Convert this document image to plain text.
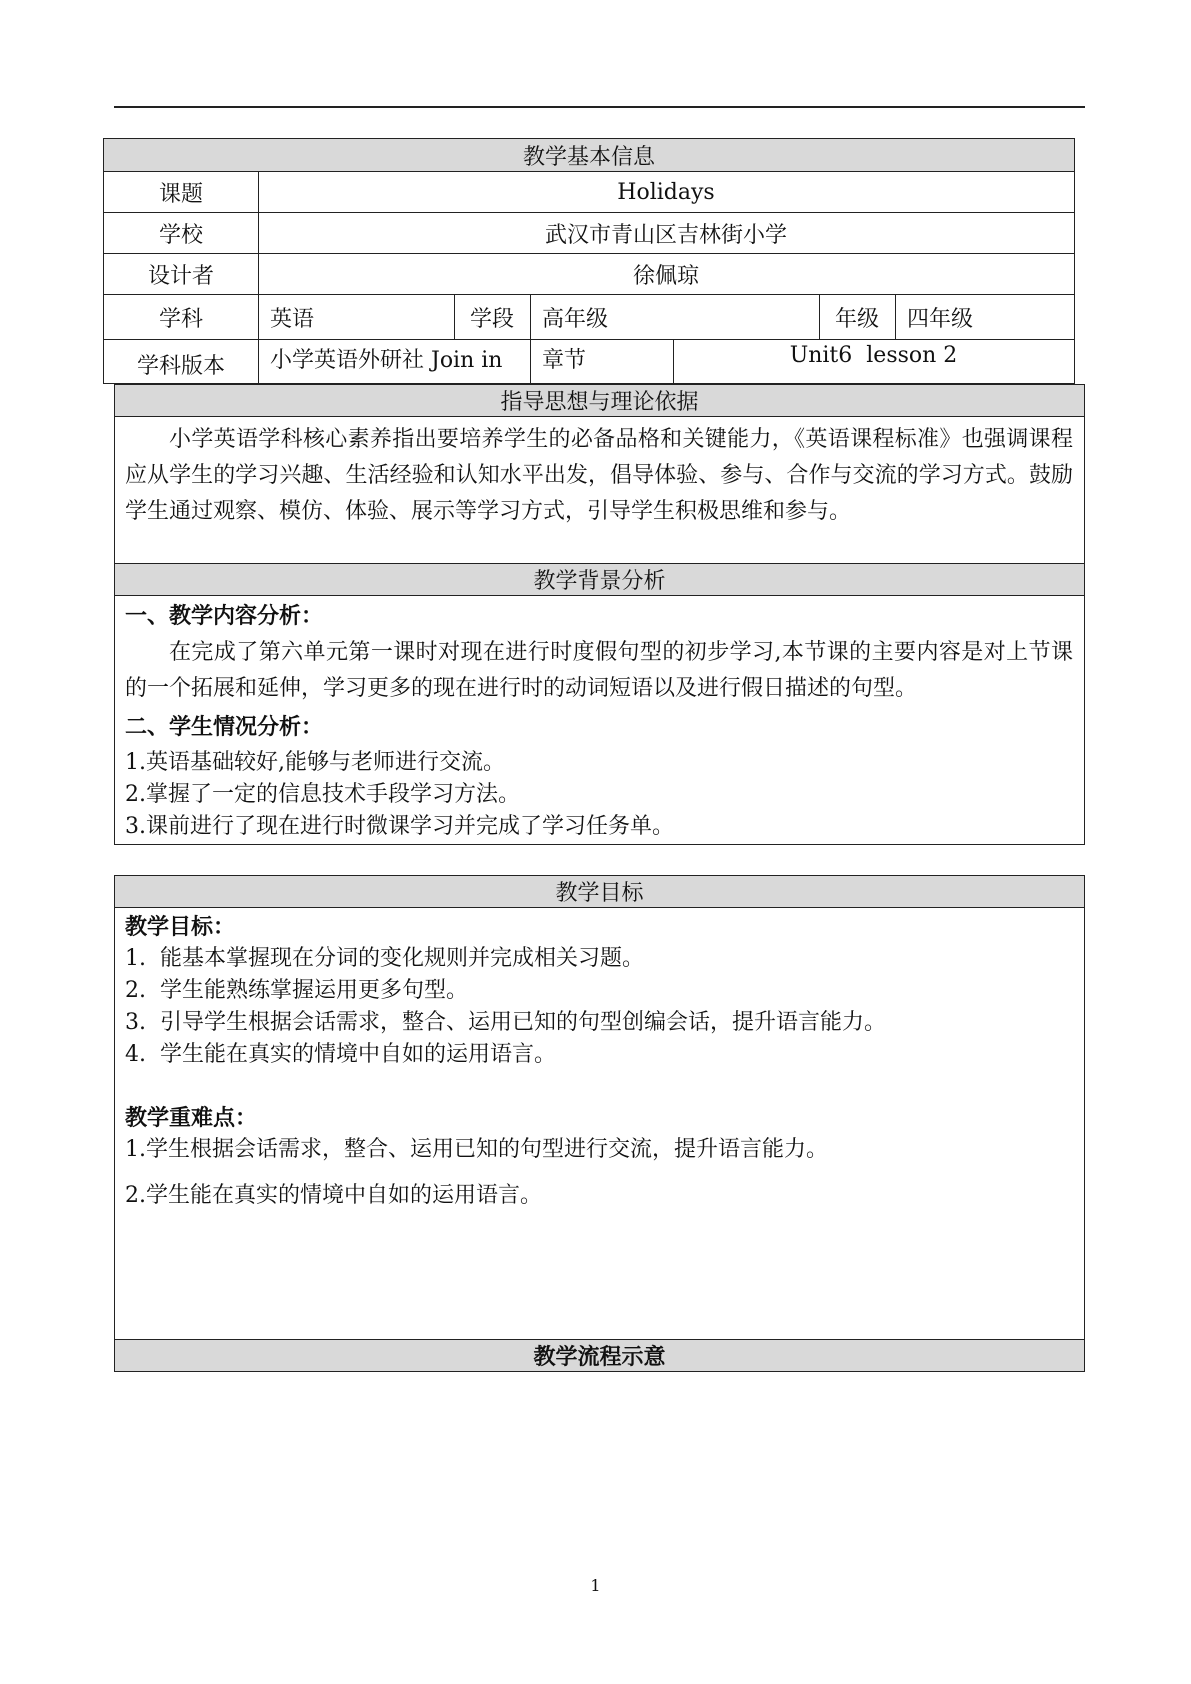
教学基本信息
课题	Holidays
学校	武汉市青山区吉林街小学
设计者	徐佩琼
学科	英语	学段	高年级	年级	四年级
学科版本	小学英语外研社 Join in	章节	Unit6  lesson 2
指导思想与理论依据
小学英语学科核心素养指出要培养学生的必备品格和关键能力，《英语课程标准》也强调课程应从学生的学习兴趣、生活经验和认知水平出发，倡导体验、参与、合作与交流的学习方式。鼓励学生通过观察、模仿、体验、展示等学习方式，引导学生积极思维和参与。
教学背景分析
一、教学内容分析：
在完成了第六单元第一课时对现在进行时度假句型的初步学习,本节课的主要内容是对上节课的一个拓展和延伸，学习更多的现在进行时的动词短语以及进行假日描述的句型。
二、学生情况分析：
1.英语基础较好,能够与老师进行交流。
2.掌握了一定的信息技术手段学习方法。
3.课前进行了现在进行时微课学习并完成了学习任务单。
教学目标
教学目标：
1.  能基本掌握现在分词的变化规则并完成相关习题。
2.  学生能熟练掌握运用更多句型。
3.  引导学生根据会话需求，整合、运用已知的句型创编会话，提升语言能力。
4.  学生能在真实的情境中自如的运用语言。
教学重难点：
1.学生根据会话需求，整合、运用已知的句型进行交流，提升语言能力。
2.学生能在真实的情境中自如的运用语言。
教学流程示意
1
